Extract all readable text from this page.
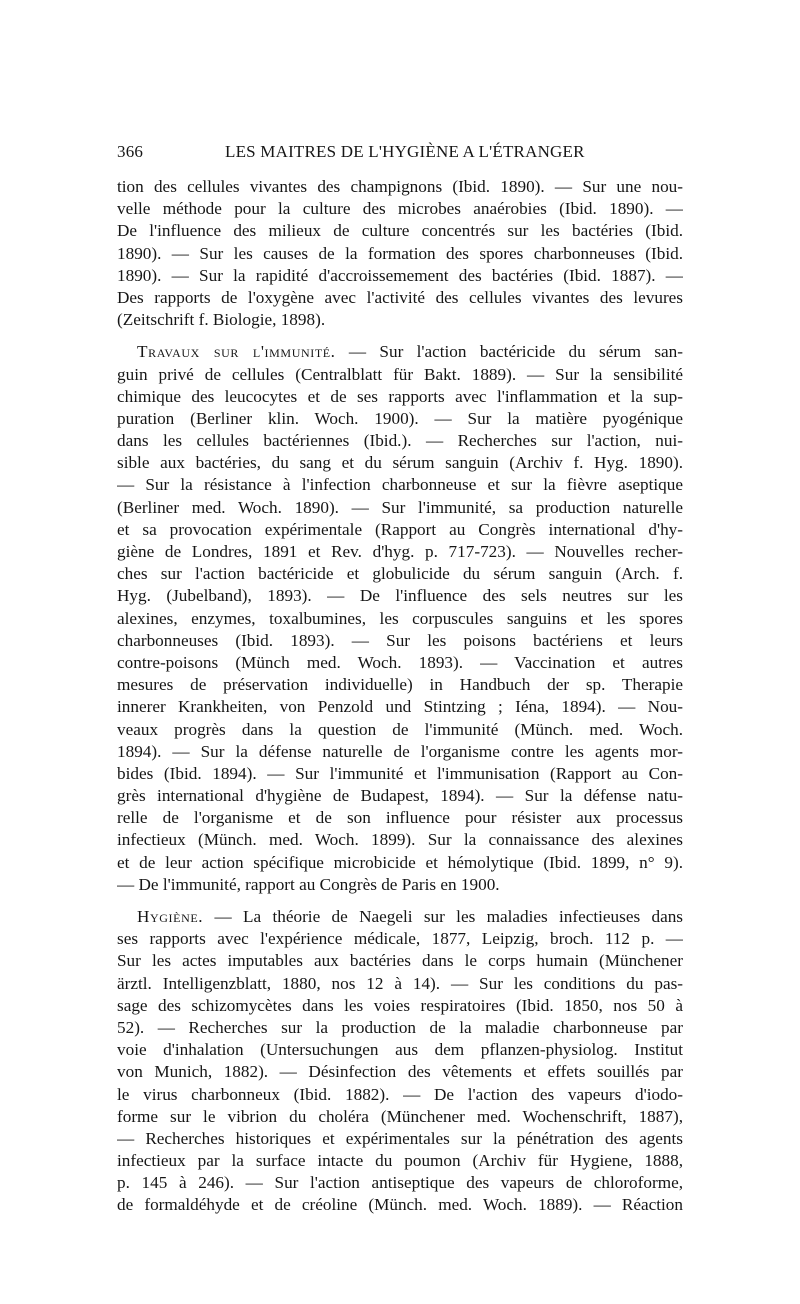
366	LES MAITRES DE L'HYGIÈNE A L'ÉTRANGER
tion des cellules vivantes des champignons (Ibid. 1890). — Sur une nou-
velle méthode pour la culture des microbes anaérobies (Ibid. 1890). —
De l'influence des milieux de culture concentrés sur les bactéries (Ibid.
1890). — Sur les causes de la formation des spores charbonneuses (Ibid.
1890). — Sur la rapidité d'accroissemement des bactéries (Ibid. 1887). —
Des rapports de l'oxygène avec l'activité des cellules vivantes des levures
(Zeitschrift f. Biologie, 1898).
Travaux sur l'immunité. — Sur l'action bactéricide du sérum san-
guin privé de cellules (Centralblatt für Bakt. 1889). — Sur la sensibilité
chimique des leucocytes et de ses rapports avec l'inflammation et la sup-
puration (Berliner klin. Woch. 1900). — Sur la matière pyogénique
dans les cellules bactériennes (Ibid.). — Recherches sur l'action, nui-
sible aux bactéries, du sang et du sérum sanguin (Archiv f. Hyg. 1890).
— Sur la résistance à l'infection charbonneuse et sur la fièvre aseptique
(Berliner med. Woch. 1890). — Sur l'immunité, sa production naturelle
et sa provocation expérimentale (Rapport au Congrès international d'hy-
giène de Londres, 1891 et Rev. d'hyg. p. 717-723). — Nouvelles recher-
ches sur l'action bactéricide et globulicide du sérum sanguin (Arch. f.
Hyg. (Jubelband), 1893). — De l'influence des sels neutres sur les
alexines, enzymes, toxalbumines, les corpuscules sanguins et les spores
charbonneuses (Ibid. 1893). — Sur les poisons bactériens et leurs
contre-poisons (Münch med. Woch. 1893). — Vaccination et autres
mesures de préservation individuelle) in Handbuch der sp. Therapie
innerer Krankheiten, von Penzold und Stintzing ; Iéna, 1894). — Nou-
veaux progrès dans la question de l'immunité (Münch. med. Woch.
1894). — Sur la défense naturelle de l'organisme contre les agents mor-
bides (Ibid. 1894). — Sur l'immunité et l'immunisation (Rapport au Con-
grès international d'hygiène de Budapest, 1894). — Sur la défense natu-
relle de l'organisme et de son influence pour résister aux processus
infectieux (Münch. med. Woch. 1899). Sur la connaissance des alexines
et de leur action spécifique microbicide et hémolytique (Ibid. 1899, n° 9).
— De l'immunité, rapport au Congrès de Paris en 1900.
Hygiène. — La théorie de Naegeli sur les maladies infectieuses dans
ses rapports avec l'expérience médicale, 1877, Leipzig, broch. 112 p. —
Sur les actes imputables aux bactéries dans le corps humain (Münchener
ärztl. Intelligenzblatt, 1880, nos 12 à 14). — Sur les conditions du pas-
sage des schizomycètes dans les voies respiratoires (Ibid. 1850, nos 50 à
52). — Recherches sur la production de la maladie charbonneuse par
voie d'inhalation (Untersuchungen aus dem pflanzen-physiolog. Institut
von Munich, 1882). — Désinfection des vêtements et effets souillés par
le virus charbonneux (Ibid. 1882). — De l'action des vapeurs d'iodo-
forme sur le vibrion du choléra (Münchener med. Wochenschrift, 1887),
— Recherches historiques et expérimentales sur la pénétration des agents
infectieux par la surface intacte du poumon (Archiv für Hygiene, 1888,
p. 145 à 246). — Sur l'action antiseptique des vapeurs de chloroforme,
de formaldéhyde et de créoline (Münch. med. Woch. 1889). — Réaction
